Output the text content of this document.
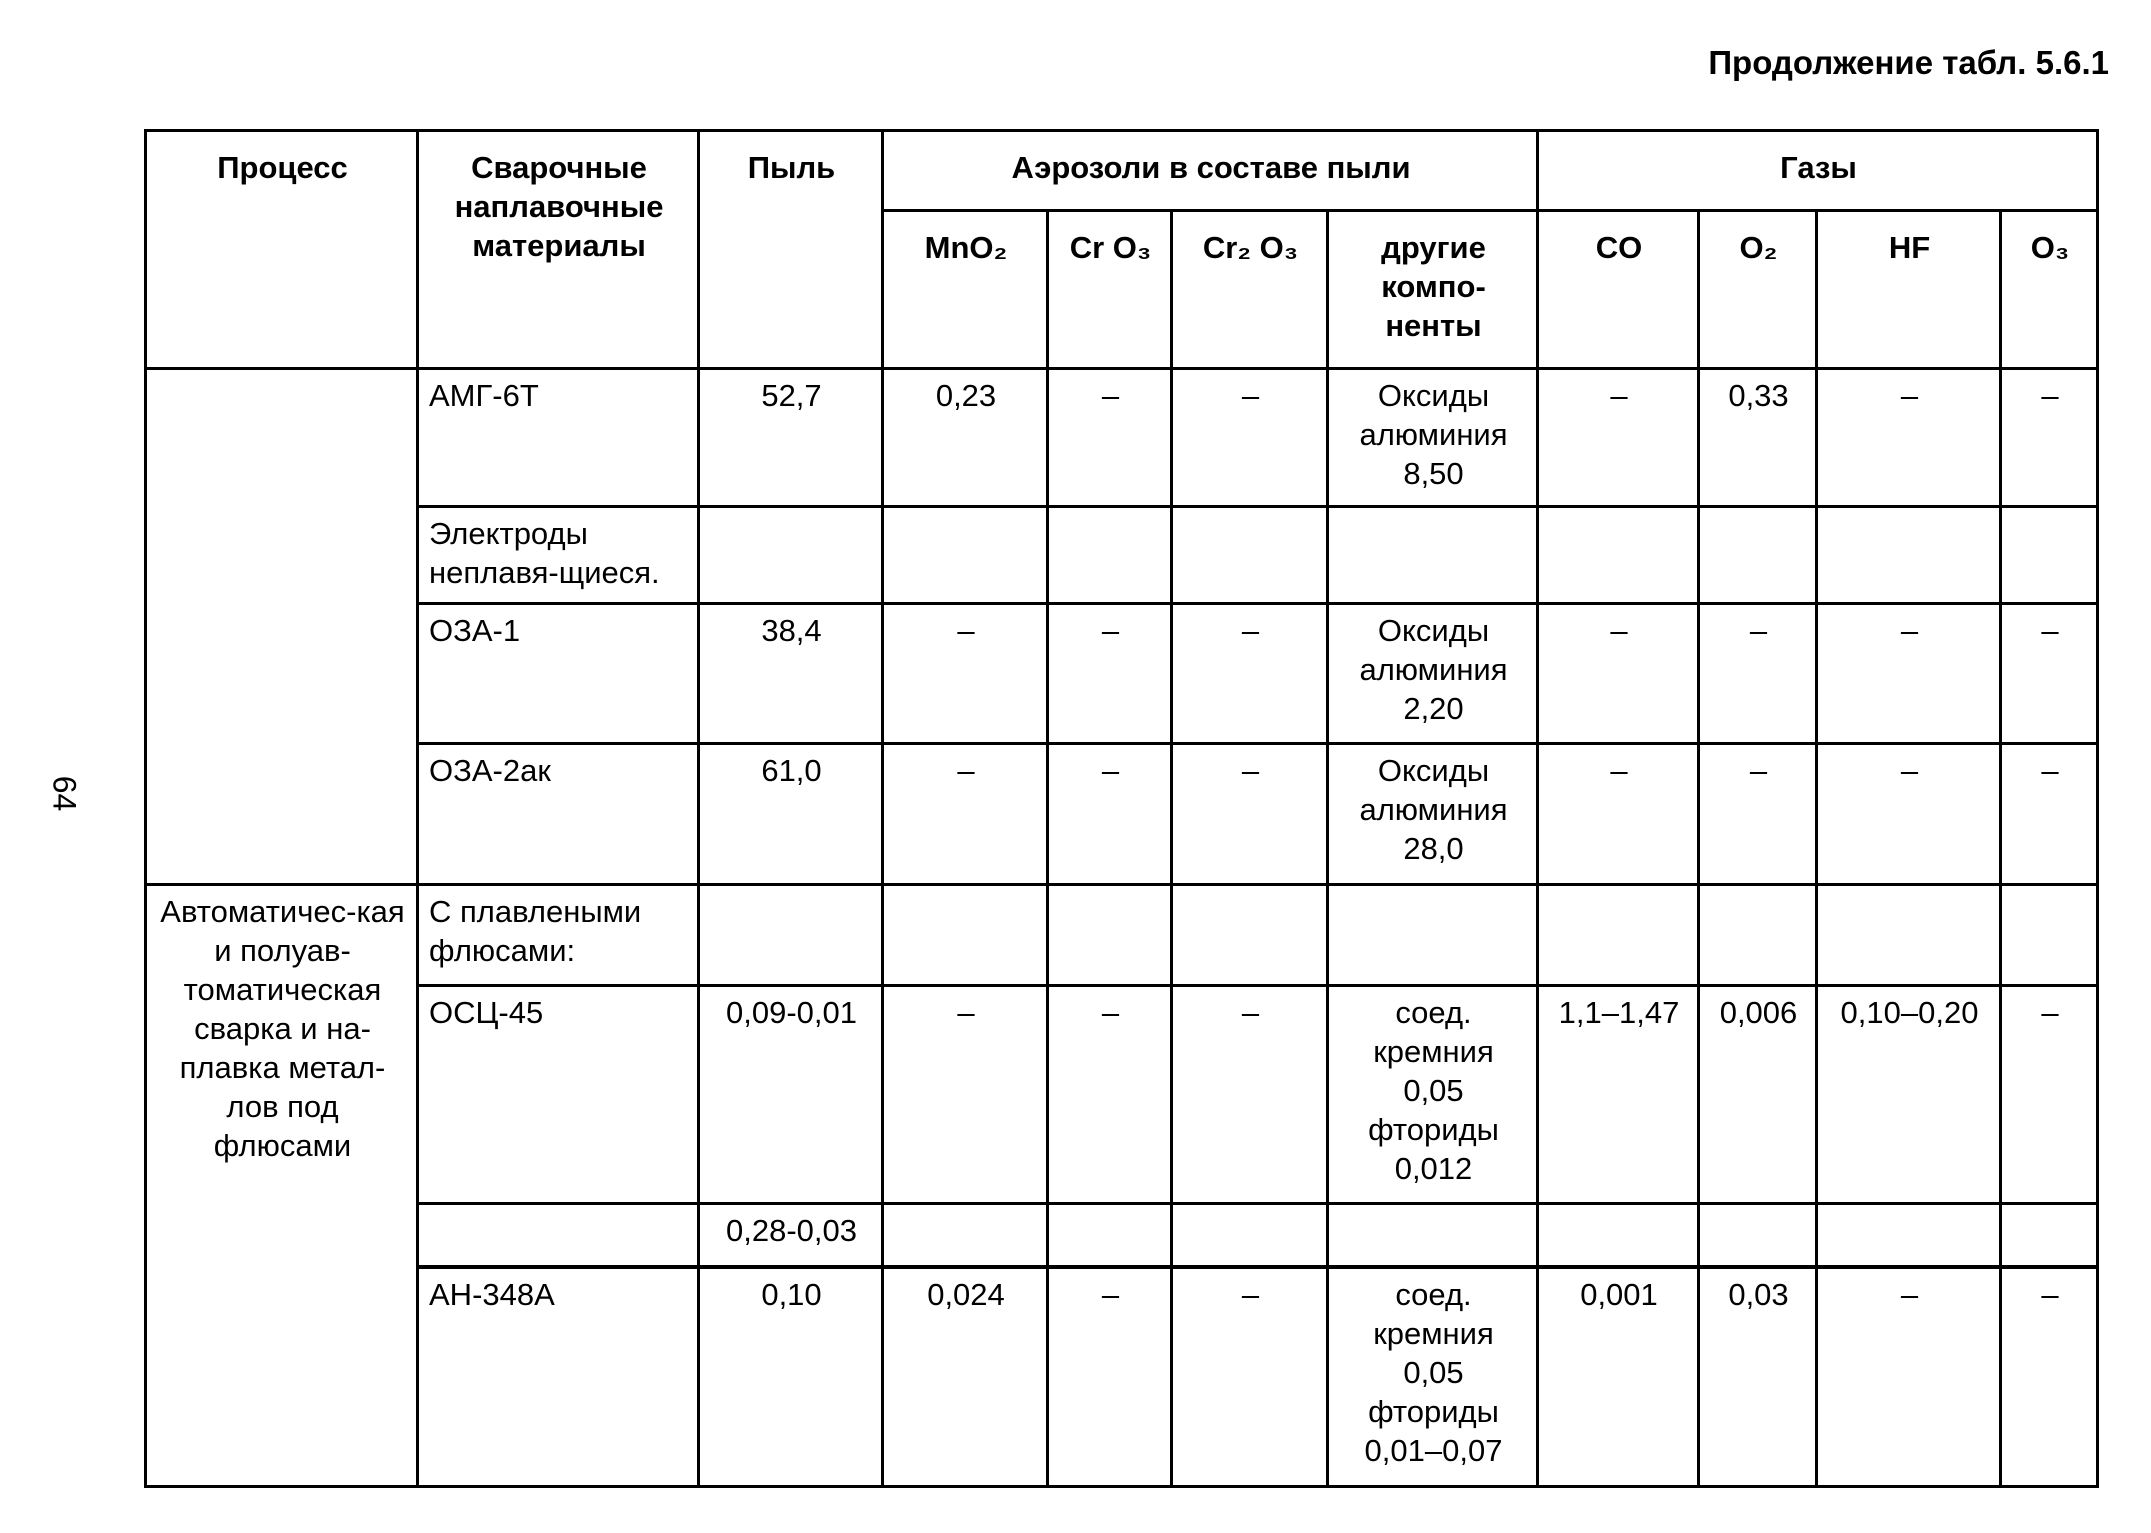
Продолжение табл. 5.6.1
64
Процесс	Сварочные наплавочные материалы	Пыль	Аэрозоли в составе пыли				Газы			
			MnO₂	Cr O₃	Cr₂ O₃	другие компо-ненты	CO	O₂	HF	O₃
	АМГ-6Т	52,7	0,23	–	–	Оксиды алюминия 8,50	–	0,33	–	–
	Электроды неплавя-щиеся.									
	ОЗА-1	38,4	–	–	–	Оксиды алюминия 2,20	–	–	–	–
	ОЗА-2ак	61,0	–	–	–	Оксиды алюминия 28,0	–	–	–	–
Автоматичес-кая и полуав-томатическая сварка и на-плавка метал-лов под флюсами	С плавлеными флюсами:									
	ОСЦ-45	0,09-0,01	–	–	–	соед. кремния 0,05 фториды 0,012	1,1–1,47	0,006	0,10–0,20	–
		0,28-0,03								
	АН-348А	0,10	0,024	–	–	соед. кремния 0,05 фториды 0,01–0,07	0,001	0,03	–	–
